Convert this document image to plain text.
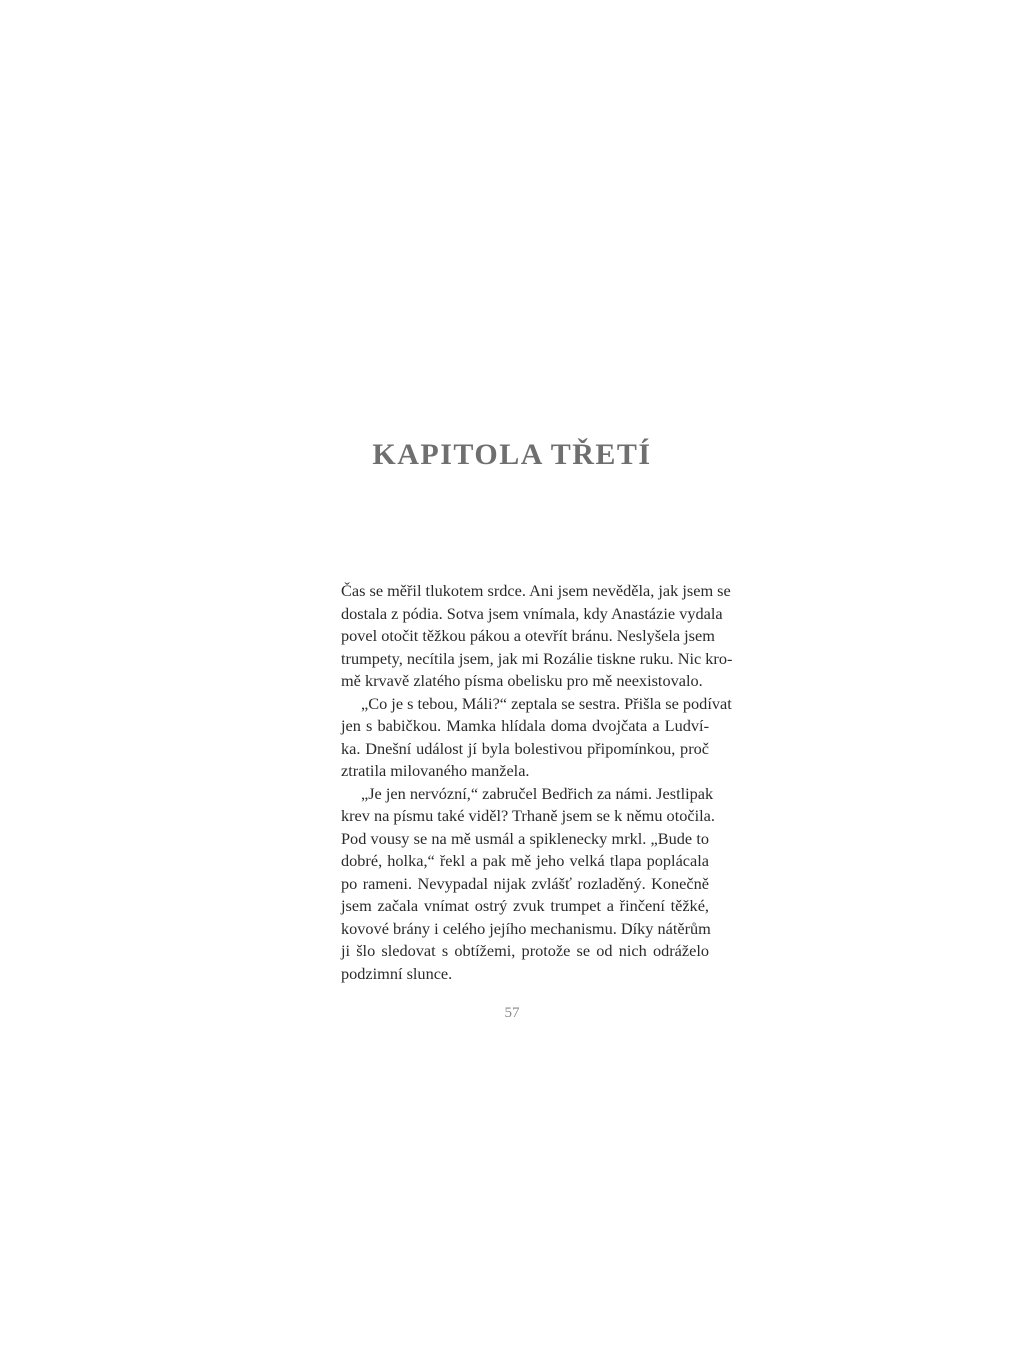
KAPITOLA TŘETÍ
Čas se měřil tlukotem srdce. Ani jsem nevěděla, jak jsem se
dostala z pódia. Sotva jsem vnímala, kdy Anastázie vydala
povel otočit těžkou pákou a otevřít bránu. Neslyšela jsem
trumpety, necítila jsem, jak mi Rozálie tiskne ruku. Nic kro-
mě krvavě zlatého písma obelisku pro mě neexistovalo.
„Co je s tebou, Máli?“ zeptala se sestra. Přišla se podívat
jen s babičkou. Mamka hlídala doma dvojčata a Ludví-
ka. Dnešní událost jí byla bolestivou připomínkou, proč
ztratila milovaného manžela.
„Je jen nervózní,“ zabručel Bedřich za námi. Jestlipak
krev na písmu také viděl? Trhaně jsem se k němu otočila.
Pod vousy se na mě usmál a spiklenecky mrkl. „Bude to
dobré, holka,“ řekl a pak mě jeho velká tlapa poplácala
po rameni. Nevypadal nijak zvlášť rozladěný. Konečně
jsem začala vnímat ostrý zvuk trumpet a řinčení těžké,
kovové brány i celého jejího mechanismu. Díky nátěrům
ji šlo sledovat s obtížemi, protože se od nich odráželo
podzimní slunce.
57
